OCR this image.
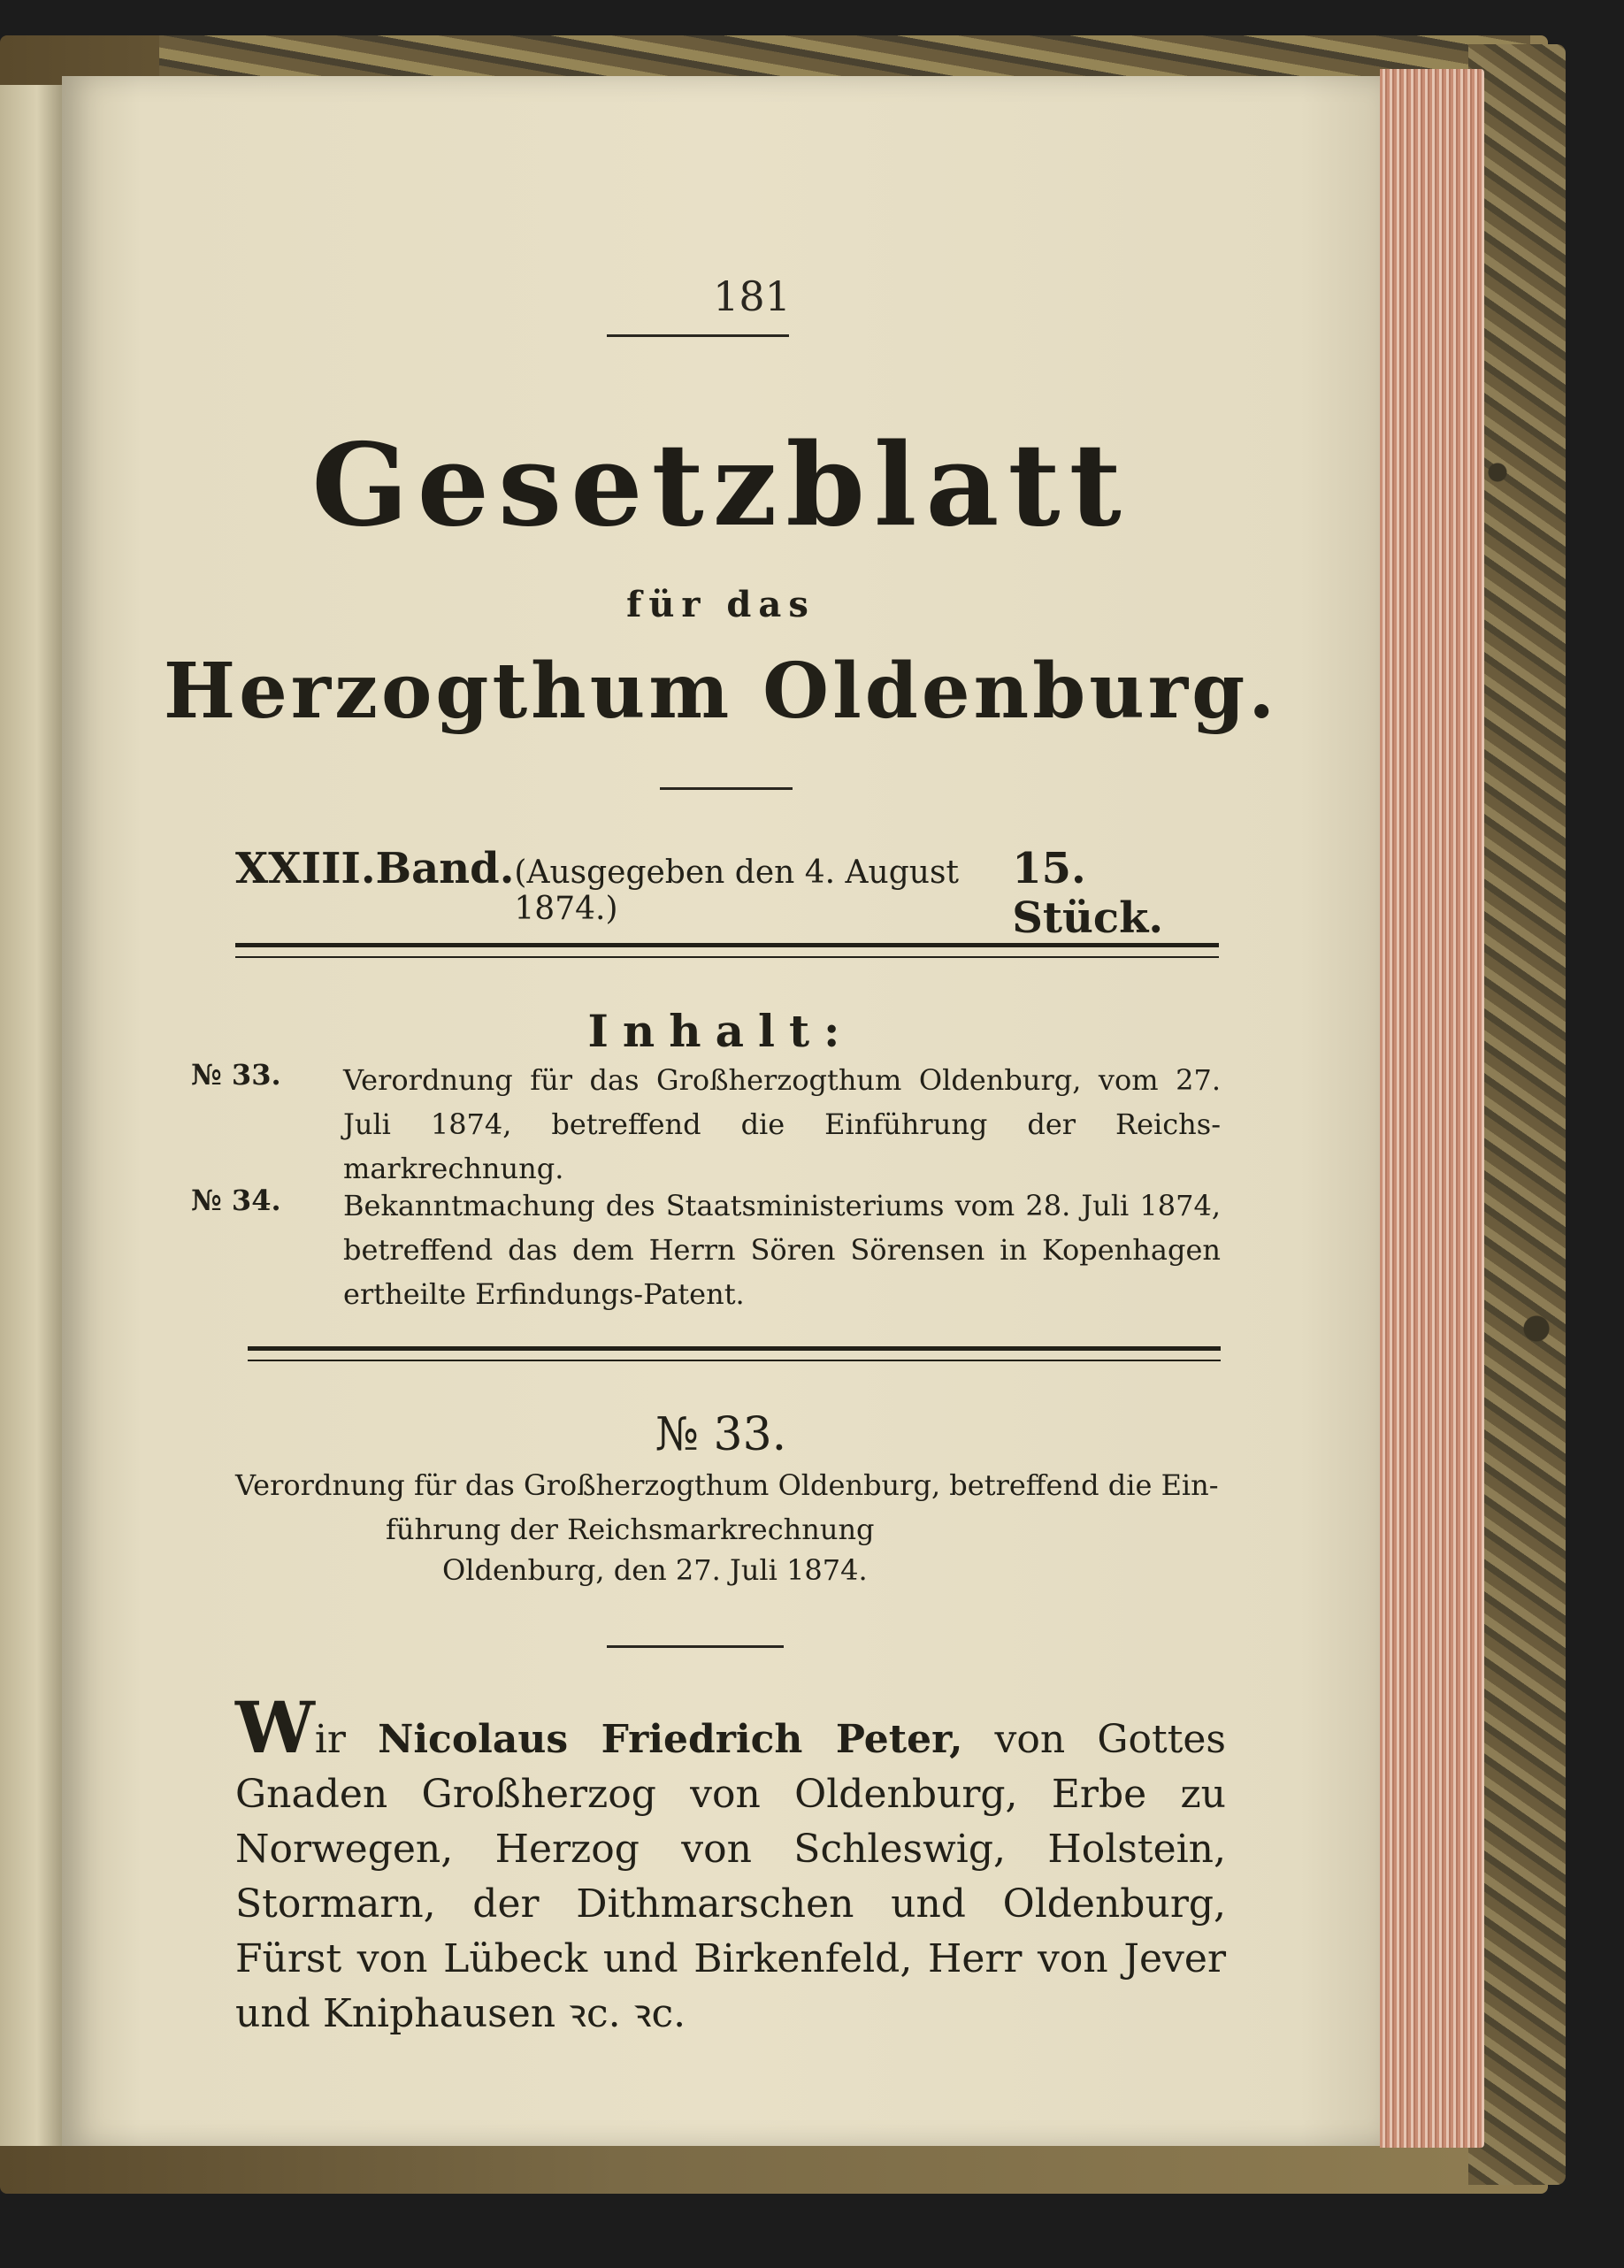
181
Gesetzblatt
für das
Herzogthum Oldenburg.
XXIII.Band. (Ausgegeben den 4. August 1874.)
15. Stück.
Inhalt:
№ 33.	Verordnung für das Großherzogthum Oldenburg, vom 27. Juli 1874, betreffend die Einführung der Reichs- markrechnung.
№ 34.	Bekanntmachung des Staatsministeriums vom 28. Juli 1874, betreffend das dem Herrn Sören Sörensen in Kopenhagen ertheilte Erfindungs-Patent.
№ 33.
Verordnung für das Großherzogthum Oldenburg, betreffend die Ein-
führung der Reichsmarkrechnung
Oldenburg, den 27. Juli 1874.
Wir Nicolaus Friedrich Peter, von Gottes Gnaden Großherzog von Oldenburg, Erbe zu Norwegen, Herzog von Schleswig, Holstein, Stormarn, der Dithmarschen und Oldenburg, Fürst von Lübeck und Birkenfeld, Herr von Jever und Kniphausen ꝛc. ꝛc.
